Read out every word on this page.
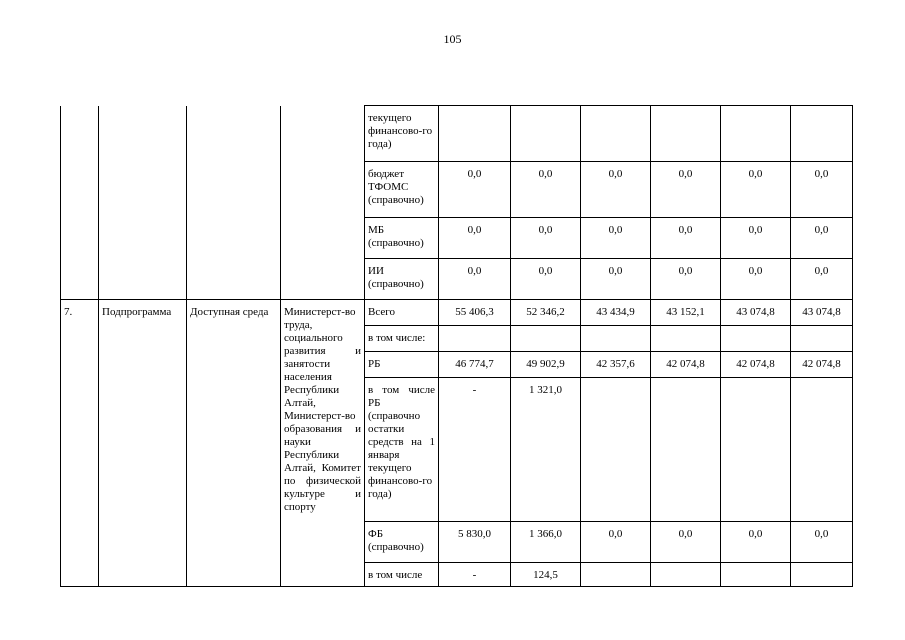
105
				текущего финансово-го года)						
				бюджет ТФОМС (справочно)	0,0	0,0	0,0	0,0	0,0	0,0
				МБ (справочно)	0,0	0,0	0,0	0,0	0,0	0,0
				ИИ (справочно)	0,0	0,0	0,0	0,0	0,0	0,0
7.	Подпрограмма	Доступная среда	Министерст-во труда, социального развития и занятости населения Республики Алтай, Министерст-во образования и науки Республики Алтай, Комитет по физической культуре и спорту	Всего	55 406,3	52 346,2	43 434,9	43 152,1	43 074,8	43 074,8
				в том числе:						
				РБ	46 774,7	49 902,9	42 357,6	42 074,8	42 074,8	42 074,8
				в том числе РБ (справочно остатки средств на 1 января текущего финансово-го года)	-	1 321,0				
				ФБ (справочно)	5 830,0	1 366,0	0,0	0,0	0,0	0,0
				в том числе	-	124,5				
